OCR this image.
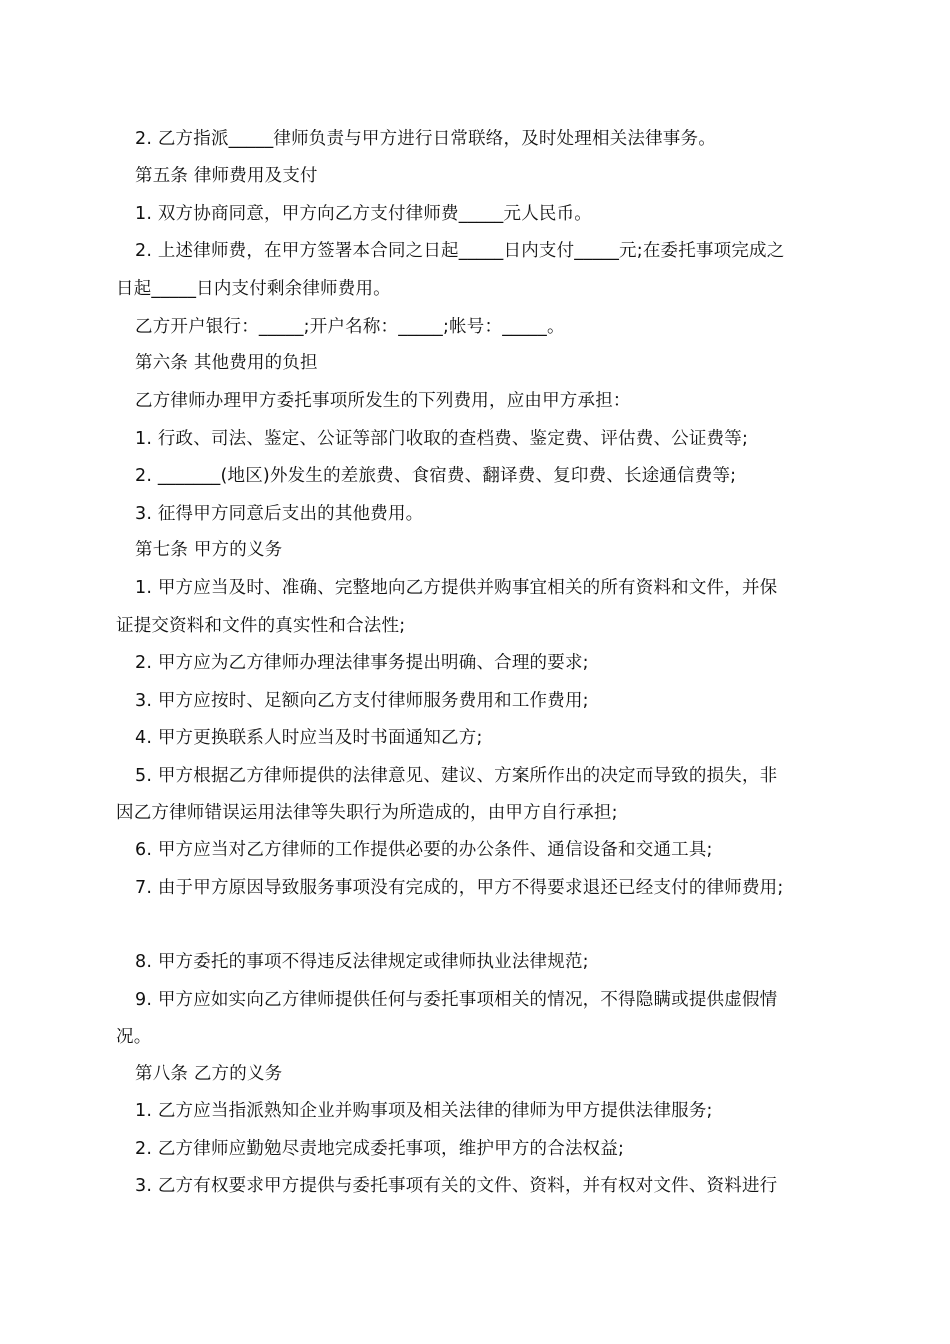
2. 乙方指派_____律师负责与甲方进行日常联络，及时处理相关法律事务。
第五条 律师费用及支付
1. 双方协商同意，甲方向乙方支付律师费_____元人民币。
2. 上述律师费，在甲方签署本合同之日起_____日内支付_____元;在委托事项完成之
日起_____日内支付剩余律师费用。
乙方开户银行：_____;开户名称：_____;帐号：_____。
第六条 其他费用的负担
乙方律师办理甲方委托事项所发生的下列费用，应由甲方承担：
1. 行政、司法、鉴定、公证等部门收取的查档费、鉴定费、评估费、公证费等;
2. _______(地区)外发生的差旅费、食宿费、翻译费、复印费、长途通信费等;
3. 征得甲方同意后支出的其他费用。
第七条 甲方的义务
1. 甲方应当及时、准确、完整地向乙方提供并购事宜相关的所有资料和文件，并保
证提交资料和文件的真实性和合法性;
2. 甲方应为乙方律师办理法律事务提出明确、合理的要求;
3. 甲方应按时、足额向乙方支付律师服务费用和工作费用;
4. 甲方更换联系人时应当及时书面通知乙方;
5. 甲方根据乙方律师提供的法律意见、建议、方案所作出的决定而导致的损失，非
因乙方律师错误运用法律等失职行为所造成的，由甲方自行承担;
6. 甲方应当对乙方律师的工作提供必要的办公条件、通信设备和交通工具;
7. 由于甲方原因导致服务事项没有完成的，甲方不得要求退还已经支付的律师费用;
8. 甲方委托的事项不得违反法律规定或律师执业法律规范;
9. 甲方应如实向乙方律师提供任何与委托事项相关的情况，不得隐瞒或提供虚假情
况。
第八条 乙方的义务
1. 乙方应当指派熟知企业并购事项及相关法律的律师为甲方提供法律服务;
2. 乙方律师应勤勉尽责地完成委托事项，维护甲方的合法权益;
3. 乙方有权要求甲方提供与委托事项有关的文件、资料，并有权对文件、资料进行
